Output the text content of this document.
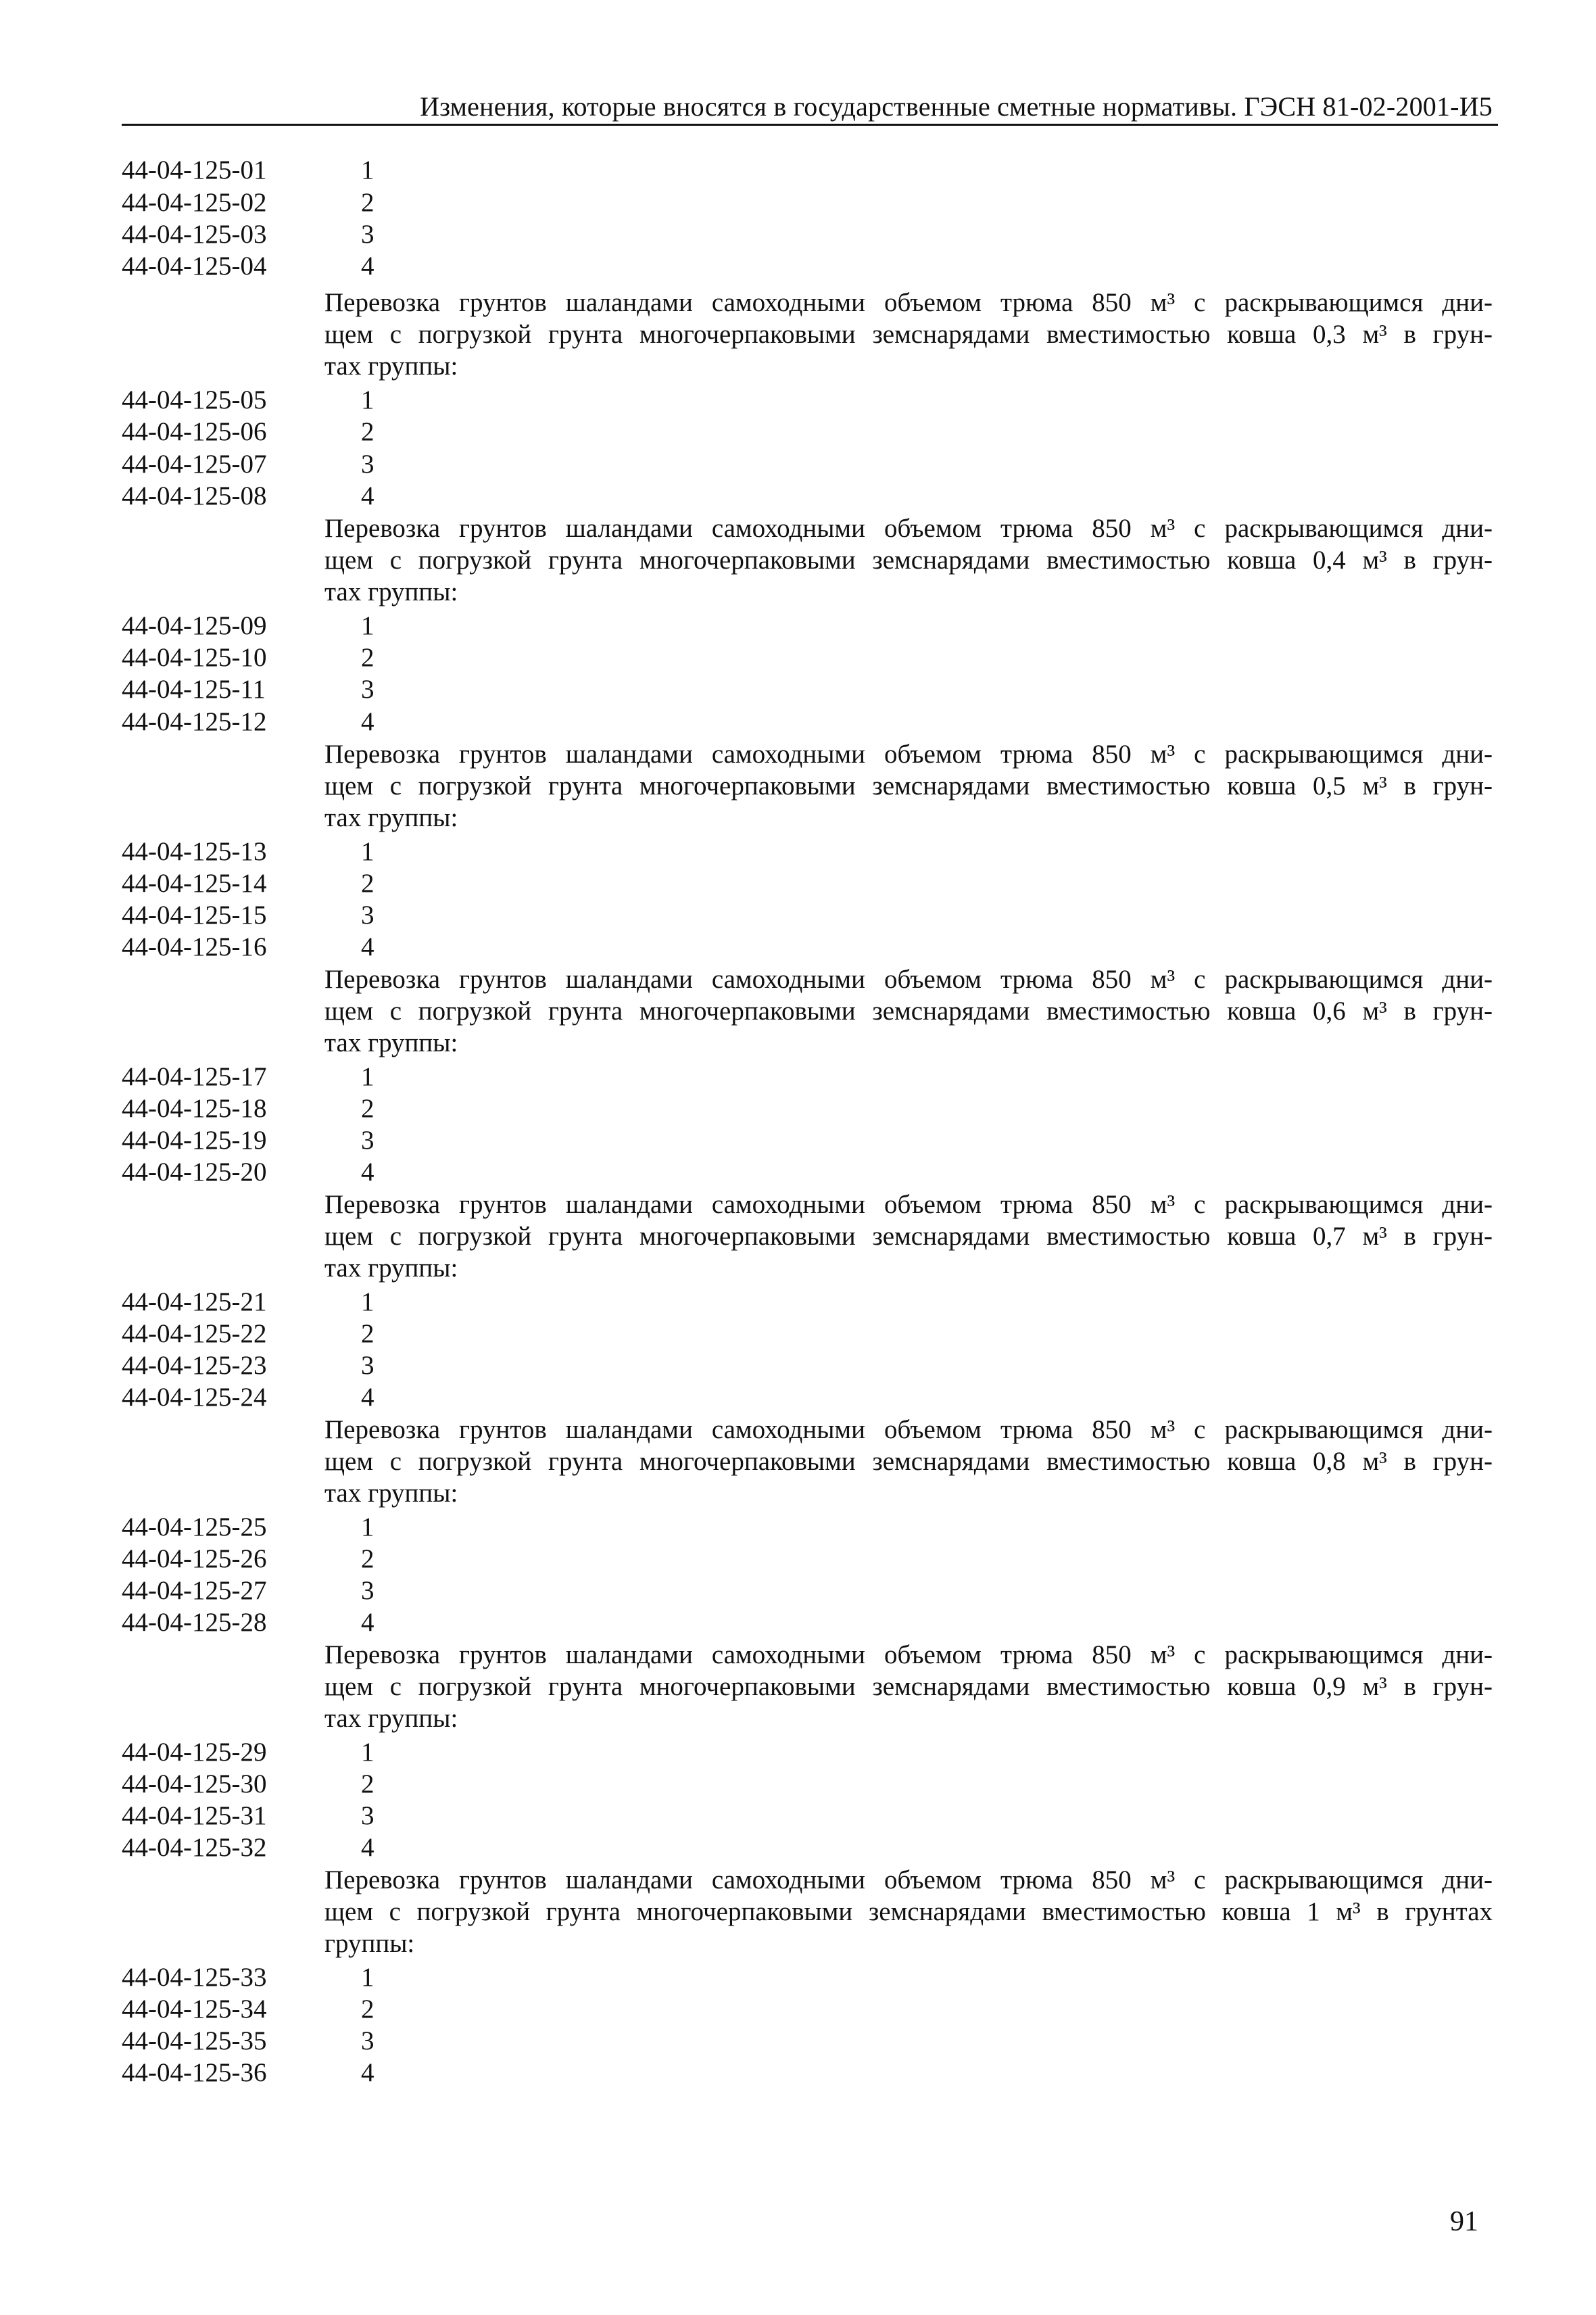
Изменения, которые вносятся в государственные сметные нормативы. ГЭСН 81-02-2001-И5
44-04-125-01	1
44-04-125-02	2
44-04-125-03	3
44-04-125-04	4
Перевозка грунтов шаландами самоходными объемом трюма 850 м³ с раскрывающимся дни-
щем с погрузкой грунта многочерпаковыми земснарядами вместимостью ковша 0,3 м³ в грун-
тах группы:
44-04-125-05	1
44-04-125-06	2
44-04-125-07	3
44-04-125-08	4
Перевозка грунтов шаландами самоходными объемом трюма 850 м³ с раскрывающимся дни-
щем с погрузкой грунта многочерпаковыми земснарядами вместимостью ковша 0,4 м³ в грун-
тах группы:
44-04-125-09	1
44-04-125-10	2
44-04-125-11	3
44-04-125-12	4
Перевозка грунтов шаландами самоходными объемом трюма 850 м³ с раскрывающимся дни-
щем с погрузкой грунта многочерпаковыми земснарядами вместимостью ковша 0,5 м³ в грун-
тах группы:
44-04-125-13	1
44-04-125-14	2
44-04-125-15	3
44-04-125-16	4
Перевозка грунтов шаландами самоходными объемом трюма 850 м³ с раскрывающимся дни-
щем с погрузкой грунта многочерпаковыми земснарядами вместимостью ковша 0,6 м³ в грун-
тах группы:
44-04-125-17	1
44-04-125-18	2
44-04-125-19	3
44-04-125-20	4
Перевозка грунтов шаландами самоходными объемом трюма 850 м³ с раскрывающимся дни-
щем с погрузкой грунта многочерпаковыми земснарядами вместимостью ковша 0,7 м³ в грун-
тах группы:
44-04-125-21	1
44-04-125-22	2
44-04-125-23	3
44-04-125-24	4
Перевозка грунтов шаландами самоходными объемом трюма 850 м³ с раскрывающимся дни-
щем с погрузкой грунта многочерпаковыми земснарядами вместимостью ковша 0,8 м³ в грун-
тах группы:
44-04-125-25	1
44-04-125-26	2
44-04-125-27	3
44-04-125-28	4
Перевозка грунтов шаландами самоходными объемом трюма 850 м³ с раскрывающимся дни-
щем с погрузкой грунта многочерпаковыми земснарядами вместимостью ковша 0,9 м³ в грун-
тах группы:
44-04-125-29	1
44-04-125-30	2
44-04-125-31	3
44-04-125-32	4
Перевозка грунтов шаландами самоходными объемом трюма 850 м³ с раскрывающимся дни-
щем с погрузкой грунта многочерпаковыми земснарядами вместимостью ковша 1 м³ в грунтах
группы:
44-04-125-33	1
44-04-125-34	2
44-04-125-35	3
44-04-125-36	4
91
